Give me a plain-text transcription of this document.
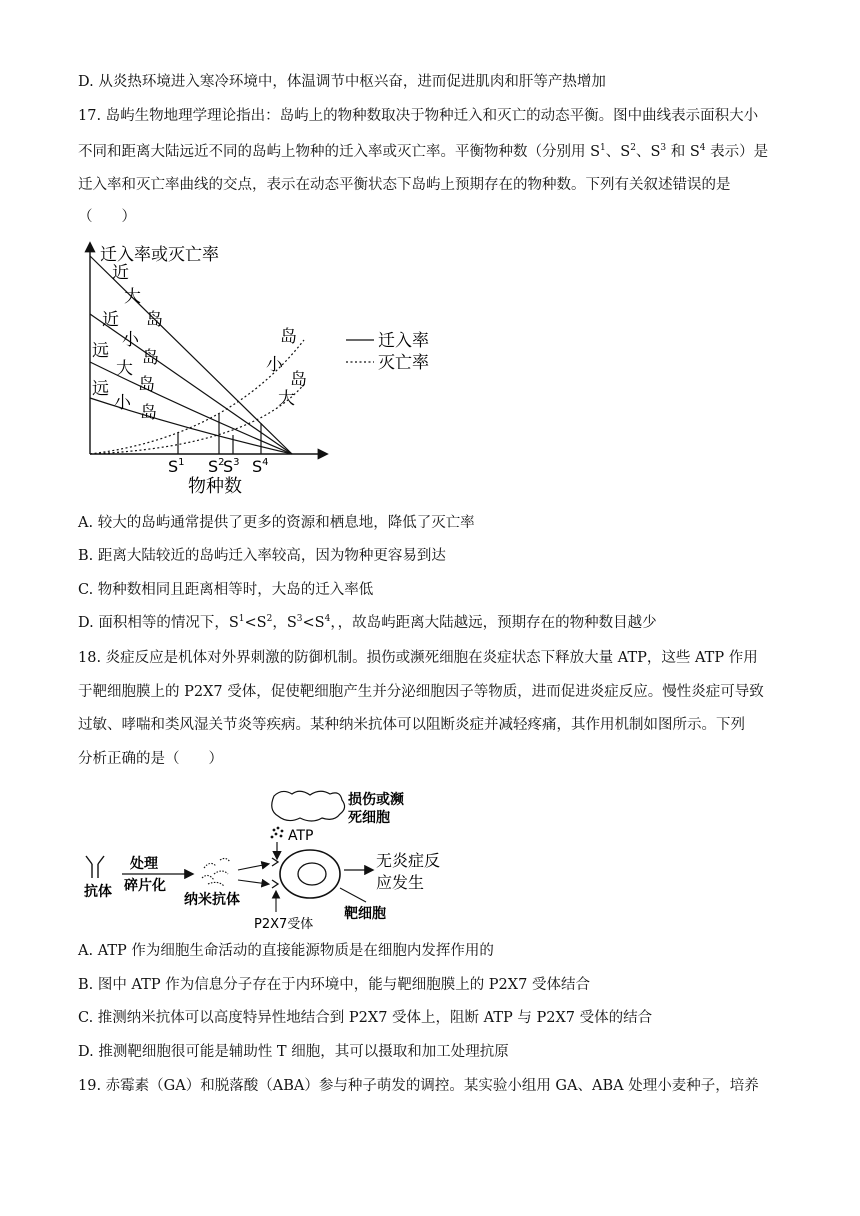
D. 从炎热环境进入寒冷环境中，体温调节中枢兴奋，进而促进肌肉和肝等产热增加
17. 岛屿生物地理学理论指出：岛屿上的物种数取决于物种迁入和灭亡的动态平衡。图中曲线表示面积大小
不同和距离大陆远近不同的岛屿上物种的迁入率或灭亡率。平衡物种数（分别用 $S^1$、$S^2$、$S^3$ 和 $S^4$ 表示）是
迁入率和灭亡率曲线的交点，表示在动态平衡状态下岛屿上预期存在的物种数。下列有关叙述错误的是
（　　）
迁入率或灭亡率
物种数
$S^1$ $S^2$
$S^3$ $S^4$
近 大 岛
近 小 岛
远 大 岛
远 小 岛
岛 小
岛 大
迁入率
灭亡率
A. 较大的岛屿通常提供了更多的资源和栖息地，降低了灭亡率
B. 距离大陆较近的岛屿迁入率较高，因为物种更容易到达
C. 物种数相同且距离相等时，大岛的迁入率低
D. 面积相等的情况下，$S^1<S^2$，$S^3<S^4$，，故岛屿距离大陆越远，预期存在的物种数目越少
18. 炎症反应是机体对外界刺激的防御机制。损伤或濒死细胞在炎症状态下释放大量 ATP，这些 ATP 作用
于靶细胞膜上的 P2X7 受体，促使靶细胞产生并分泌细胞因子等物质，进而促进炎症反应。慢性炎症可导致
过敏、哮喘和类风湿关节炎等疾病。某种纳米抗体可以阻断炎症并减轻疼痛，其作用机制如图所示。下列
分析正确的是（　　）
损伤或濒 死细胞
ATP
抗体
处理
碎片化
纳米抗体
P2X7受体
靶细胞
无炎症反 应发生
A. ATP 作为细胞生命活动的直接能源物质是在细胞内发挥作用的
B. 图中 ATP 作为信息分子存在于内环境中，能与靶细胞膜上的 P2X7 受体结合
C. 推测纳米抗体可以高度特异性地结合到 P2X7 受体上，阻断 ATP 与 P2X7 受体的结合
D. 推测靶细胞很可能是辅助性 T 细胞，其可以摄取和加工处理抗原
19. 赤霉素（GA）和脱落酸（ABA）参与种子萌发的调控。某实验小组用 GA、ABA 处理小麦种子，培养
